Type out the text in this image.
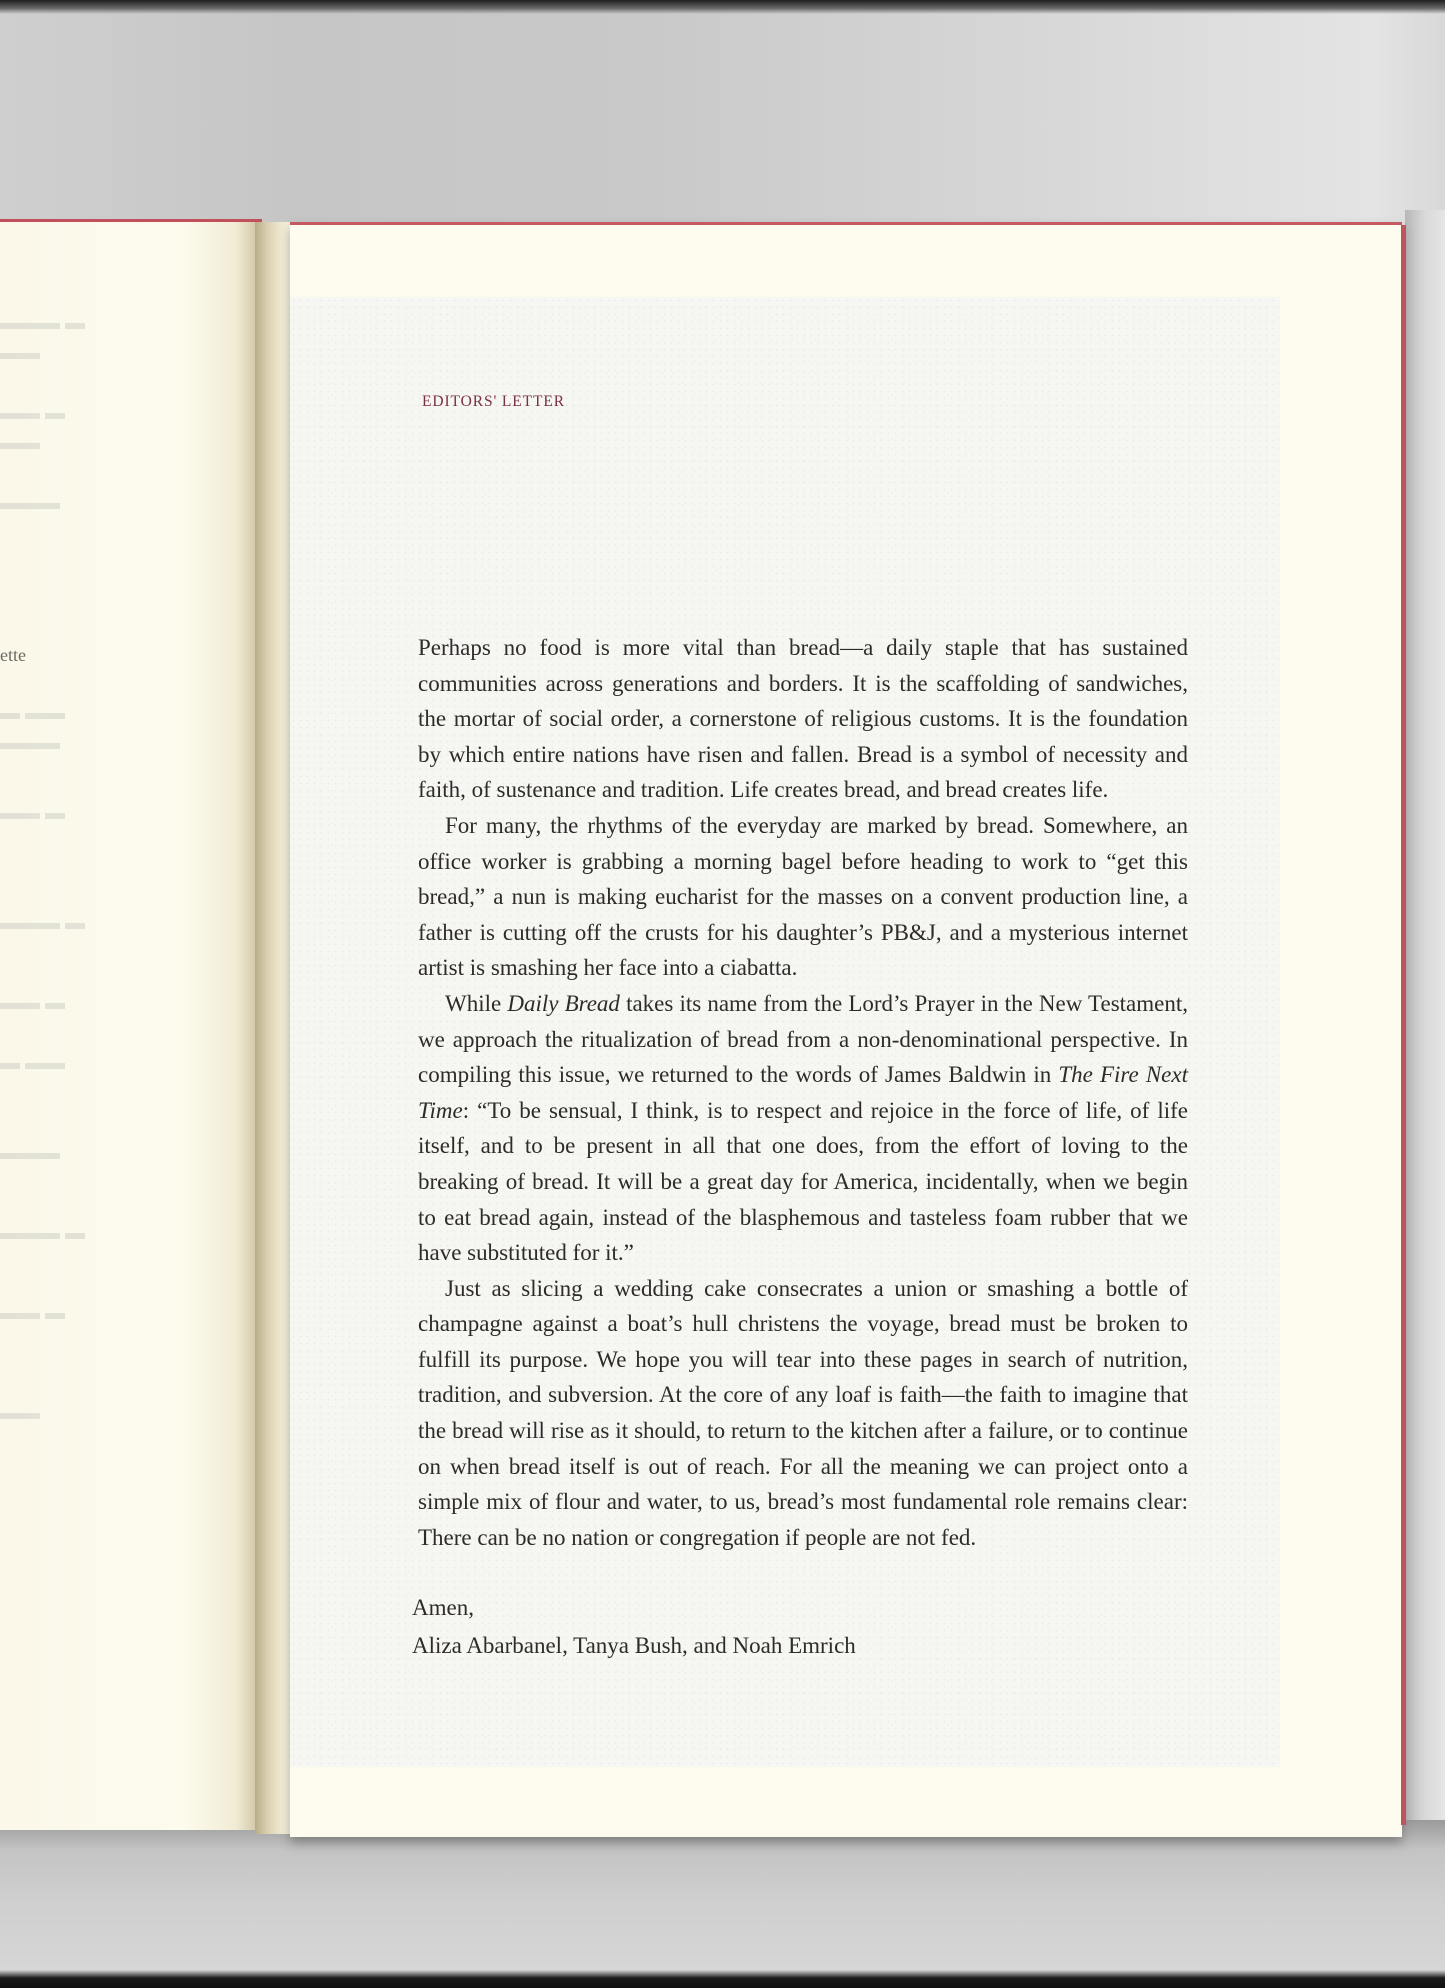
▬▬▬ ▬
▬▬
▬▬ ▬
▬▬
▬▬▬
ette
▬ ▬▬
▬▬▬
▬▬ ▬
▬▬▬ ▬
▬▬ ▬
▬ ▬▬
▬▬▬
▬▬▬ ▬
▬▬ ▬
▬▬
EDITORS' LETTER

Perhaps no food is more vital than bread—a daily staple that has sustained communities across generations and borders. It is the scaffolding of sandwiches, the mortar of social order, a cornerstone of religious customs. It is the foundation by which entire nations have risen and fallen. Bread is a symbol of necessity and faith, of sustenance and tradition. Life creates bread, and bread creates life.

For many, the rhythms of the everyday are marked by bread. Somewhere, an office worker is grabbing a morning bagel before heading to work to “get this bread,” a nun is making eucharist for the masses on a convent production line, a father is cutting off the crusts for his daughter’s PB&J, and a mysterious internet artist is smashing her face into a ciabatta.

While Daily Bread takes its name from the Lord’s Prayer in the New Testament, we approach the ritualization of bread from a non-denominational perspective. In compiling this issue, we returned to the words of James Baldwin in The Fire Next Time: “To be sensual, I think, is to respect and rejoice in the force of life, of life itself, and to be present in all that one does, from the effort of loving to the breaking of bread. It will be a great day for America, incidentally, when we begin to eat bread again, instead of the blasphemous and tasteless foam rubber that we have substituted for it.”

Just as slicing a wedding cake consecrates a union or smashing a bottle of champagne against a boat’s hull christens the voyage, bread must be broken to fulfill its purpose. We hope you will tear into these pages in search of nutrition, tradition, and subversion. At the core of any loaf is faith—the faith to imagine that the bread will rise as it should, to return to the kitchen after a failure, or to continue on when bread itself is out of reach. For all the meaning we can project onto a simple mix of flour and water, to us, bread’s most fundamental role remains clear: There can be no nation or congregation if people are not fed.

Amen,
Aliza Abarbanel, Tanya Bush, and Noah Emrich
